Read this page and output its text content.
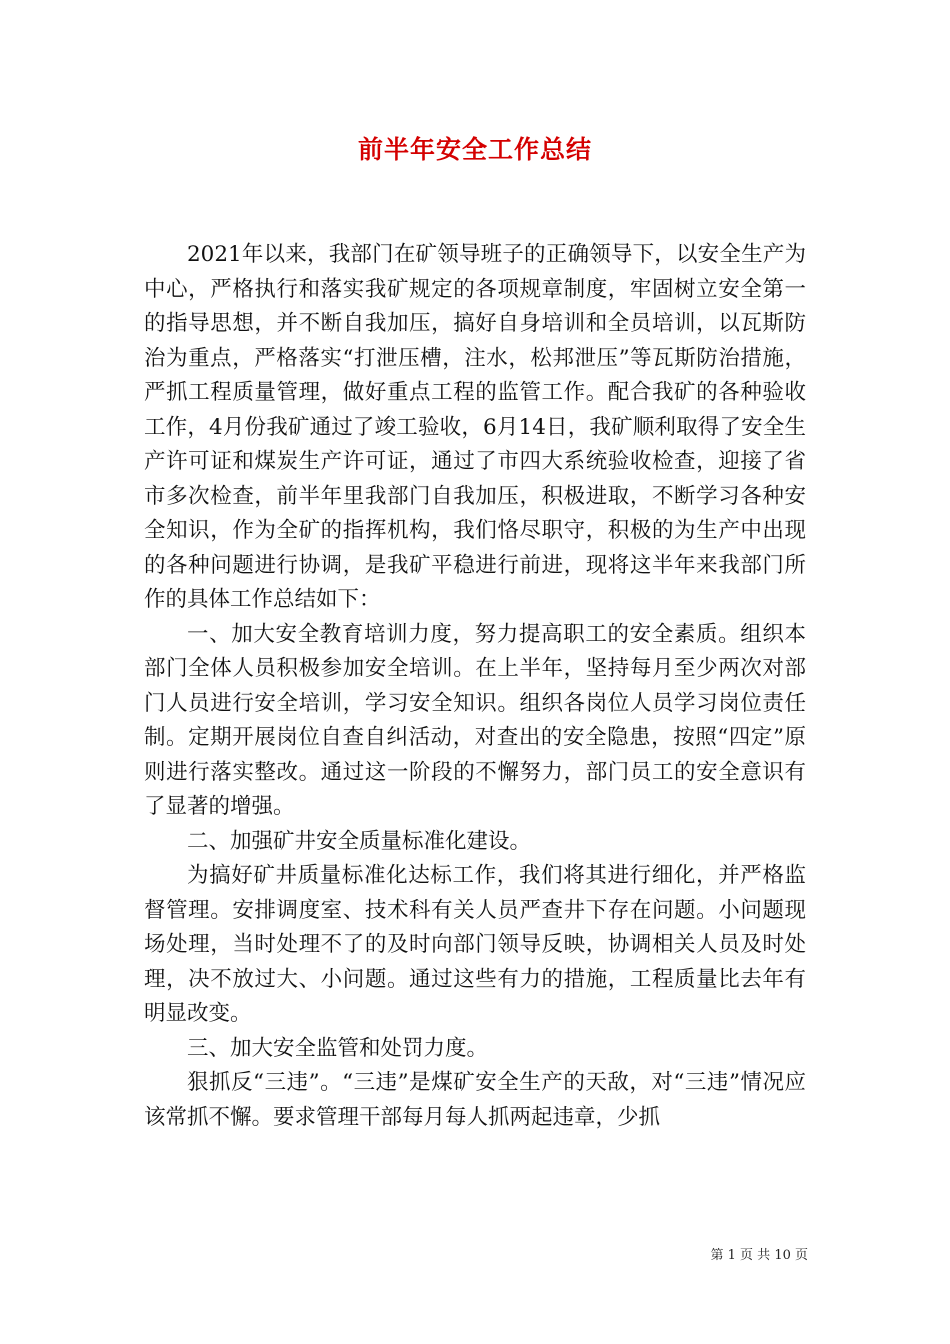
前半年安全工作总结

2021年以来，我部门在矿领导班子的正确领导下，以安全生产为中心，严格执行和落实我矿规定的各项规章制度，牢固树立安全第一的指导思想，并不断自我加压，搞好自身培训和全员培训，以瓦斯防治为重点，严格落实“打泄压槽，注水，松邦泄压”等瓦斯防治措施，严抓工程质量管理，做好重点工程的监管工作。配合我矿的各种验收工作，4月份我矿通过了竣工验收，6月14日，我矿顺利取得了安全生产许可证和煤炭生产许可证，通过了市四大系统验收检查，迎接了省市多次检查，前半年里我部门自我加压，积极进取，不断学习各种安全知识，作为全矿的指挥机构，我们恪尽职守，积极的为生产中出现的各种问题进行协调，是我矿平稳进行前进，现将这半年来我部门所作的具体工作总结如下：

一、加大安全教育培训力度，努力提高职工的安全素质。组织本部门全体人员积极参加安全培训。在上半年，坚持每月至少两次对部门人员进行安全培训，学习安全知识。组织各岗位人员学习岗位责任制。定期开展岗位自查自纠活动，对查出的安全隐患，按照“四定”原则进行落实整改。通过这一阶段的不懈努力，部门员工的安全意识有了显著的增强。

二、加强矿井安全质量标准化建设。

为搞好矿井质量标准化达标工作，我们将其进行细化，并严格监督管理。安排调度室、技术科有关人员严查井下存在问题。小问题现场处理，当时处理不了的及时向部门领导反映，协调相关人员及时处理，决不放过大、小问题。通过这些有力的措施，工程质量比去年有明显改变。

三、加大安全监管和处罚力度。

狠抓反“三违”。“三违”是煤矿安全生产的天敌，对“三违”情况应该常抓不懈。要求管理干部每月每人抓两起违章，少抓

第 1 页 共 10 页
